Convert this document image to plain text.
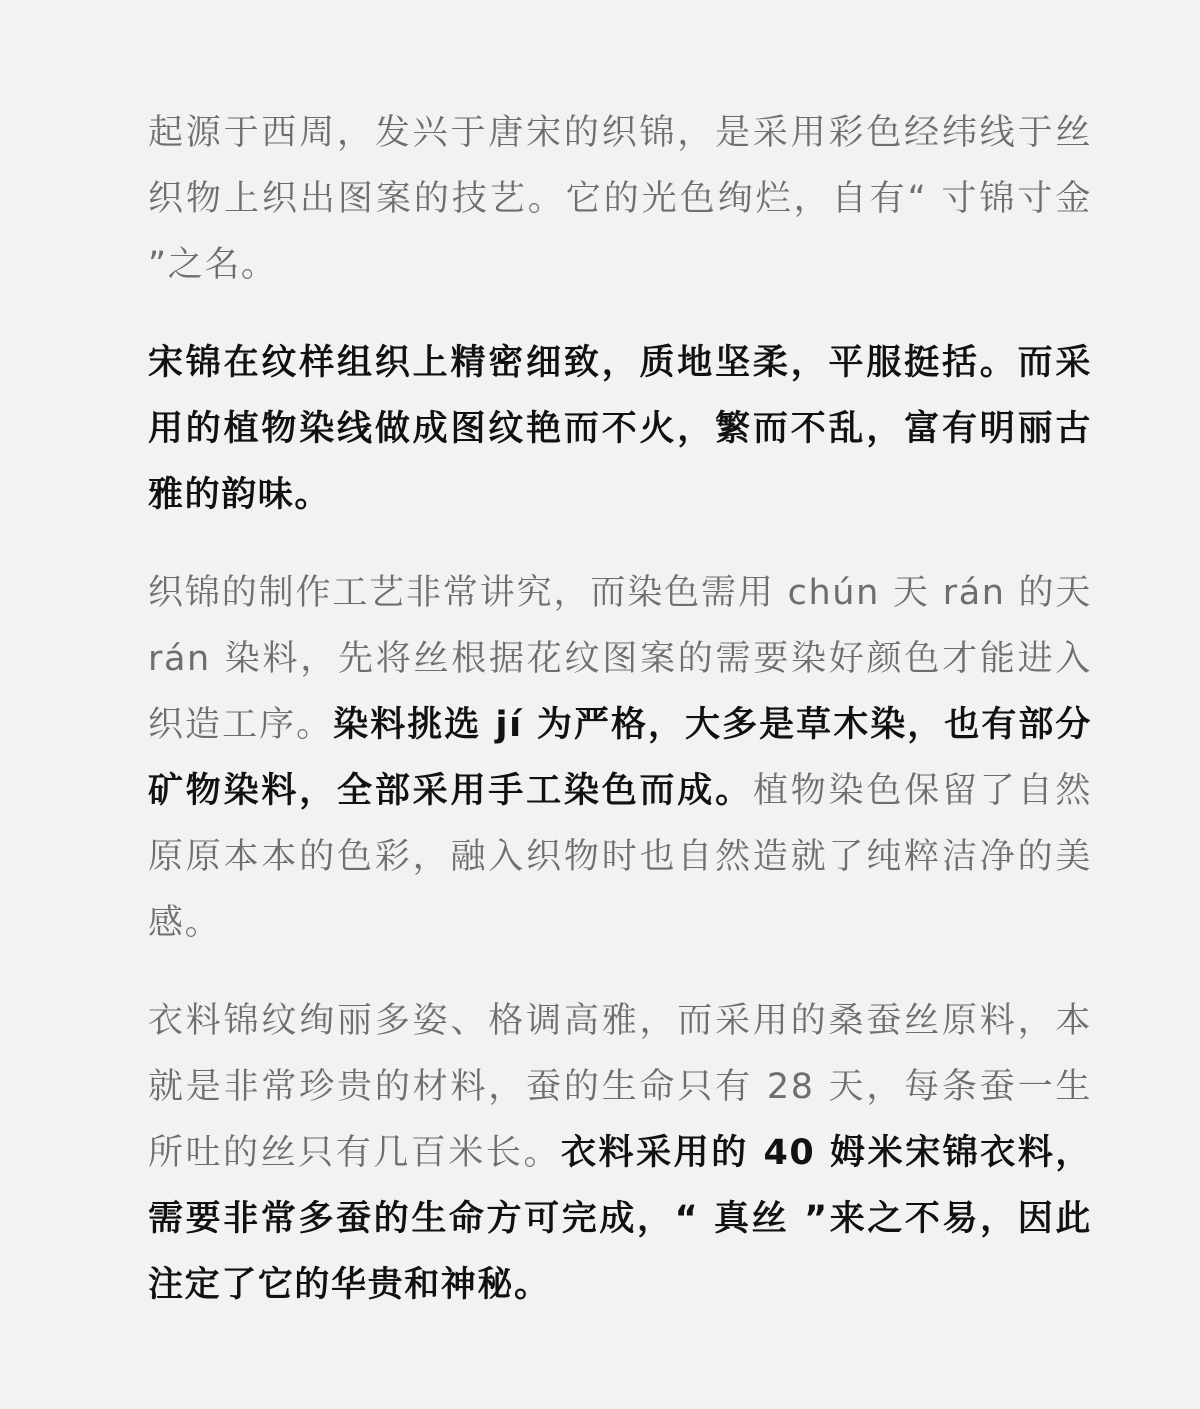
起源于西周，发兴于唐宋的织锦，是采用彩色经纬线于丝织物上织出图案的技艺。它的光色绚烂，自有“ 寸锦寸金 ”之名。

宋锦在纹样组织上精密细致，质地坚柔，平服挺括。而采用的植物染线做成图纹艳而不火，繁而不乱，富有明丽古雅的韵味。

织锦的制作工艺非常讲究，而染色需用 chún 天 rán 的天 rán 染料，先将丝根据花纹图案的需要染好颜色才能进入织造工序。染料挑选 jí 为严格，大多是草木染，也有部分矿物染料，全部采用手工染色而成。植物染色保留了自然原原本本的色彩，融入织物时也自然造就了纯粹洁净的美感。

衣料锦纹绚丽多姿、格调高雅，而采用的桑蚕丝原料，本就是非常珍贵的材料，蚕的生命只有 28 天，每条蚕一生所吐的丝只有几百米长。衣料采用的 40 姆米宋锦衣料，需要非常多蚕的生命方可完成，“ 真丝 ”来之不易，因此注定了它的华贵和神秘。
